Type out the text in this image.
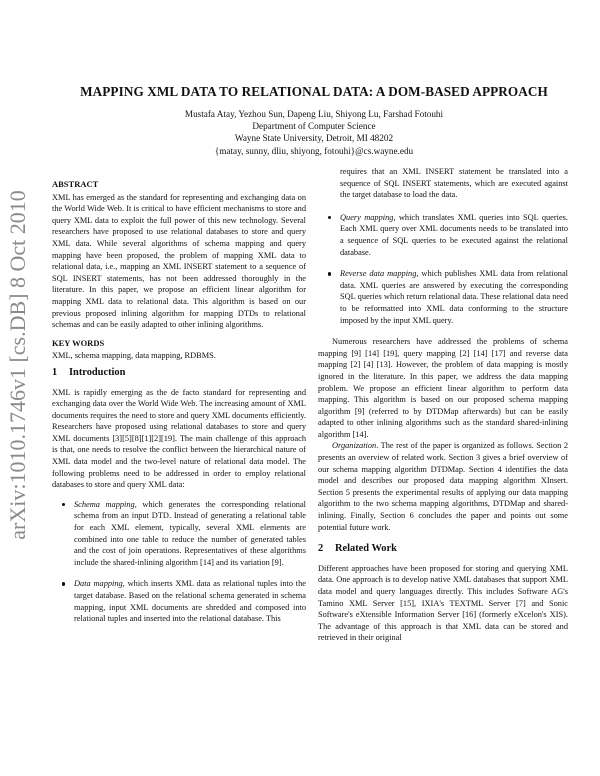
arXiv:1010.1746v1 [cs.DB] 8 Oct 2010
MAPPING XML DATA TO RELATIONAL DATA: A DOM-BASED APPROACH
Mustafa Atay, Yezhou Sun, Dapeng Liu, Shiyong Lu, Farshad Fotouhi
Department of Computer Science
Wayne State University, Detroit, MI 48202
{matay, sunny, dliu, shiyong, fotouhi}@cs.wayne.edu
ABSTRACT

XML has emerged as the standard for representing and exchanging data on the World Wide Web. It is critical to have efficient mechanisms to store and query XML data to exploit the full power of this new technology. Several researchers have proposed to use relational databases to store and query XML data. While several algorithms of schema mapping and query mapping have been proposed, the problem of mapping XML data to relational data, i.e., mapping an XML INSERT statement to a sequence of SQL INSERT statements, has not been addressed thoroughly in the literature. In this paper, we propose an efficient linear algorithm for mapping XML data to relational data. This algorithm is based on our previous proposed inlining algorithm for mapping DTDs to relational schemas and can be easily adapted to other inlining algorithms.

KEY WORDS

XML, schema mapping, data mapping, RDBMS.

1 Introduction

XML is rapidly emerging as the de facto standard for representing and exchanging data over the World Wide Web. The increasing amount of XML documents requires the need to store and query XML documents efficiently. Researchers have proposed using relational databases to store and query XML documents [3][5][8][1][2][19]. The main challenge of this approach is that, one needs to resolve the conflict between the hierarchical nature of XML data model and the two-level nature of relational data model. The following problems need to be addressed in order to employ relational databases to store and query XML data:

Schema mapping, which generates the corresponding relational schema from an input DTD. Instead of generating a relational table for each XML element, typically, several XML elements are combined into one table to reduce the number of generated tables and the cost of join operations. Representatives of these algorithms include the shared-inlining algorithm [14] and its variation [9].
Data mapping, which inserts XML data as relational tuples into the target database. Based on the relational schema generated in schema mapping, input XML documents are shredded and composed into relational tuples and inserted into the relational database. This
requires that an XML INSERT statement be translated into a sequence of SQL INSERT statements, which are executed against the target database to load the data.
Query mapping, which translates XML queries into SQL queries. Each XML query over XML documents needs to be translated into a sequence of SQL queries to be executed against the relational database.
Reverse data mapping, which publishes XML data from relational data. XML queries are answered by executing the corresponding SQL queries which return relational data. These relational data need to be reformatted into XML data conforming to the structure imposed by the input XML query.

Numerous researchers have addressed the problems of schema mapping [9] [14] [19], query mapping [2] [14] [17] and reverse data mapping [2] [4] [13]. However, the problem of data mapping is mostly ignored in the literature. In this paper, we address the data mapping problem. We propose an efficient linear algorithm to perform data mapping. This algorithm is based on our proposed schema mapping algorithm [9] (referred to by DTDMap afterwards) but can be easily adapted to other inlining algorithms such as the standard shared-inlining algorithm [14].

Organization. The rest of the paper is organized as follows. Section 2 presents an overview of related work. Section 3 gives a brief overview of our schema mapping algorithm DTDMap. Section 4 identifies the data model and describes our proposed data mapping algorithm XInsert. Section 5 presents the experimental results of applying our data mapping algorithm to the two schema mapping algorithms, DTDMap and shared-inlining. Finally, Section 6 concludes the paper and points out some potential future work.

2 Related Work

Different approaches have been proposed for storing and querying XML data. One approach is to develop native XML databases that support XML data model and query languages directly. This includes Software AG's Tamino XML Server [15], IXIA's TEXTML Server [7] and Sonic Software's eXtensible Information Server [16] (formerly eXcelon's XIS). The advantage of this approach is that XML data can be stored and retrieved in their original
